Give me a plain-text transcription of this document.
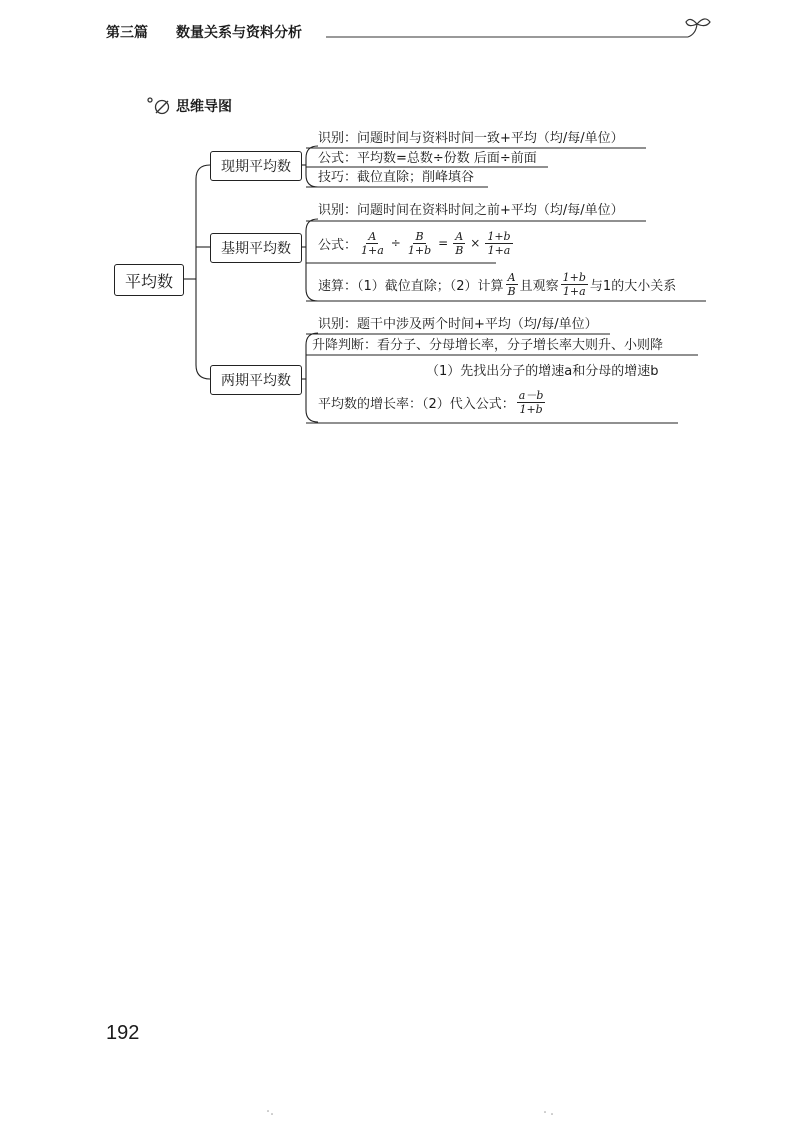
第三篇 数量关系与资料分析
思维导图
平均数
现期平均数
基期平均数
两期平均数
识别：问题时间与资料时间一致+平均（均/每/单位）
公式：平均数=总数÷份数 后面÷前面
技巧：截位直除；削峰填谷
识别：问题时间在资料时间之前+平均（均/每/单位）
公式： $\frac{A}{1+a} \div \frac{B}{1+b} = \frac{A}{B} \times \frac{1+b}{1+a}$
速算：（1）截位直除；（2）计算 $\frac{A}{B}$ 且观察 $\frac{1+b}{1+a}$ 与1的大小关系
识别：题干中涉及两个时间+平均（均/每/单位）
升降判断：看分子、分母增长率，分子增长率大则升、小则降
（1）先找出分子的增速a和分母的增速b
平均数的增长率：（2）代入公式： $\frac{a-b}{1+b}$
192
